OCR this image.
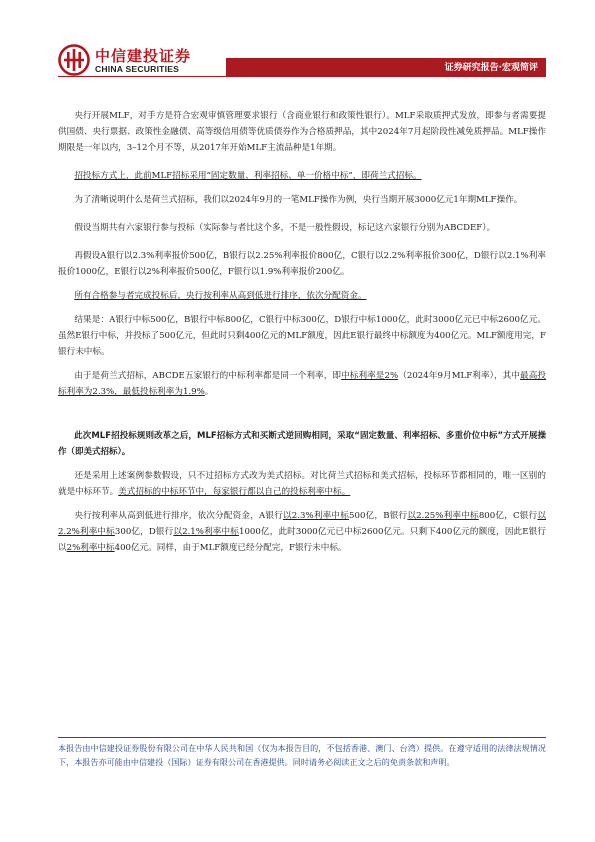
中信建投证券
CHINA SECURITIES	证券研究报告·宏观简评

央行开展MLF，对手方是符合宏观审慎管理要求银行（含商业银行和政策性银行）。MLF采取质押式发放，即参与者需要提供国债、央行票据、政策性金融债、高等级信用债等优质债券作为合格质押品，其中2024年7月起阶段性减免质押品。MLF操作期限是一年以内，3–12个月不等，从2017年开始MLF主流品种是1年期。

招投标方式上，此前MLF招标采用“固定数量、利率招标、单一价格中标”，即荷兰式招标。

为了清晰说明什么是荷兰式招标，我们以2024年9月的一笔MLF操作为例，央行当期开展3000亿元1年期MLF操作。

假设当期共有六家银行参与投标（实际参与者比这个多，不是一般性假设，标记这六家银行分别为ABCDEF）。

再假设A银行以2.3%利率报价500亿，B银行以2.25%利率报价800亿，C银行以2.2%利率报价300亿，D银行以2.1%利率报价1000亿，E银行以2%利率报价500亿，F银行以1.9%利率报价200亿。

所有合格参与者完成投标后，央行按利率从高到低进行排序，依次分配资金。

结果是：A银行中标500亿，B银行中标800亿，C银行中标300亿，D银行中标1000亿，此时3000亿元已中标2600亿元。虽然E银行中标，并投标了500亿元，但此时只剩400亿元的MLF额度，因此E银行最终中标额度为400亿元。MLF额度用完，F银行未中标。

由于是荷兰式招标，ABCDE五家银行的中标利率都是同一个利率，即中标利率是2%（2024年9月MLF利率），其中最高投标利率为2.3%，最低投标利率为1.9%。

此次MLF招投标规则改革之后，MLF招标方式和买断式逆回购相同，采取“固定数量、利率招标、多重价位中标”方式开展操作（即美式招标）。

还是采用上述案例参数假设，只不过招标方式改为美式招标。对比荷兰式招标和美式招标，投标环节都相同的，唯一区别的就是中标环节。美式招标的中标环节中，每家银行都以自己的投标利率中标。

央行按利率从高到低进行排序，依次分配资金，A银行以2.3%利率中标500亿，B银行以2.25%利率中标800亿，C银行以2.2%利率中标300亿，D银行以2.1%利率中标1000亿，此时3000亿元已中标2600亿元。只剩下400亿元的额度，因此E银行以2%利率中标400亿元。同样，由于MLF额度已经分配完，F银行未中标。

本报告由中信建投证券股份有限公司在中华人民共和国（仅为本报告目的，不包括香港、澳门、台湾）提供。在遵守适用的法律法规情况下，本报告亦可能由中信建投（国际）证券有限公司在香港提供。同时请务必阅读正文之后的免责条款和声明。
